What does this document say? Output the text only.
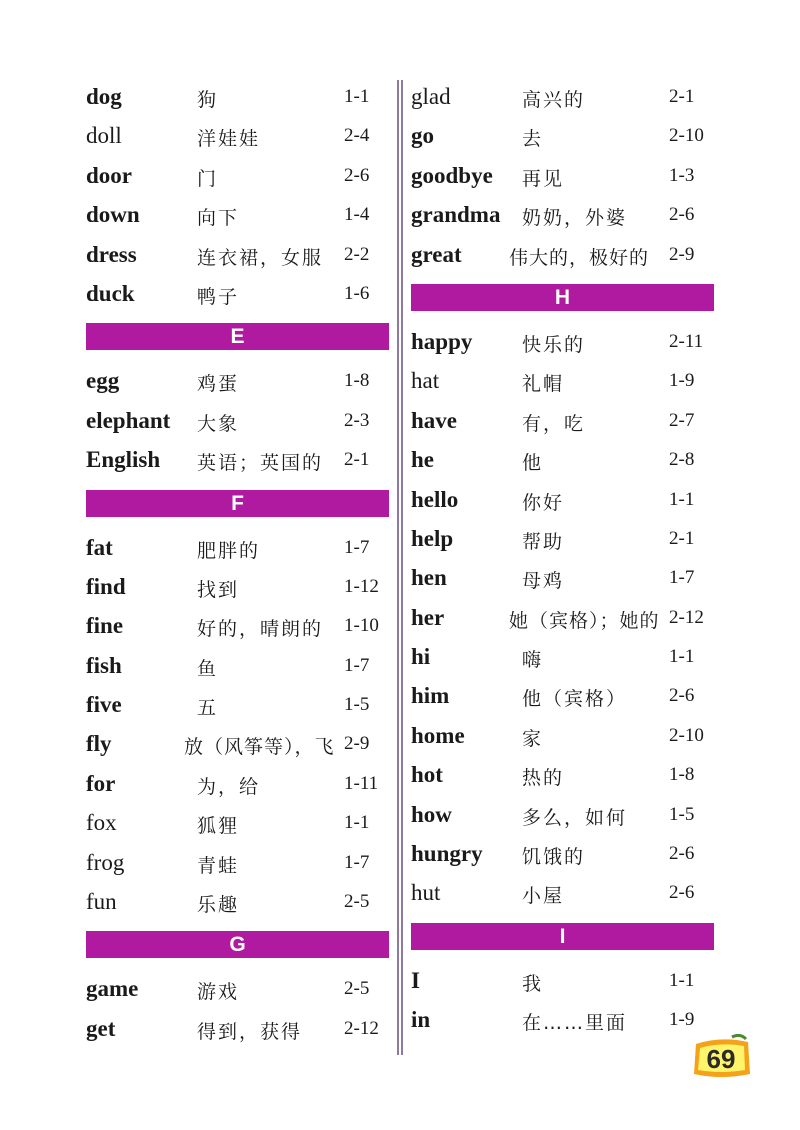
dog	狗	1-1
doll	洋娃娃	2-4
door	门	2-6
down	向下	1-4
dress	连衣裙，女服 2-2
duck	鸭子	1-6
E
egg	鸡蛋	1-8
elephant 大象	2-3
English 英语；英国的 2-1
F
fat	肥胖的	1-7
find	找到	1-12
fine	好的，晴朗的 1-10
fish	鱼	1-7
five	五	1-5
fly	放（风筝等），飞 2-9
for	为，给	1-11
fox	狐狸	1-1
frog	青蛙	1-7
fun	乐趣	2-5
G
game	游戏	2-5
get	得到，获得 2-12
glad	高兴的	2-1
go	去	2-10
goodbye 再见	1-3
grandma 奶奶，外婆 2-6
great 伟大的，极好的 2-9
H
happy	快乐的	2-11
hat	礼帽	1-9
have	有，吃	2-7
he	他	2-8
hello	你好	1-1
help	帮助	2-1
hen	母鸡	1-7
her	她（宾格）；她的 2-12
hi	嗨	1-1
him	他（宾格） 2-6
home	家	2-10
hot	热的	1-8
how	多么，如何 1-5
hungry 饥饿的	2-6
hut	小屋	2-6
I
I	我	1-1
in	在……里面 1-9
69
